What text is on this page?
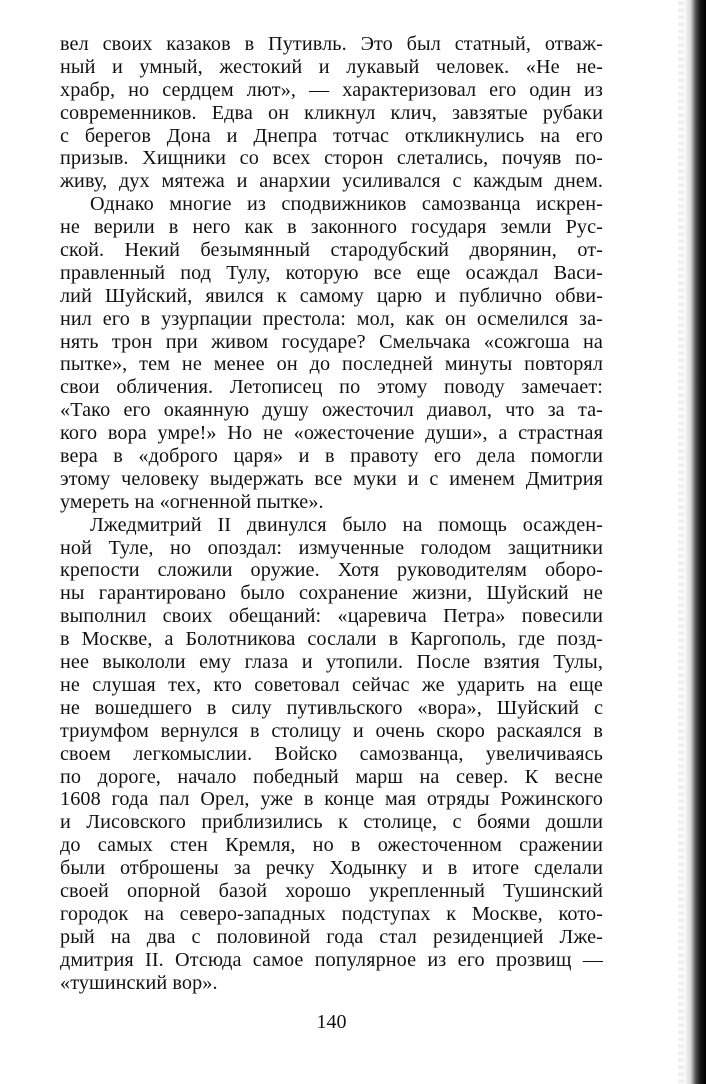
вел своих казаков в Путивль. Это был статный, отваж-
ный и умный, жестокий и лукавый человек. «Не не-
храбр, но сердцем лют», — характеризовал его один из
современников. Едва он кликнул клич, завзятые рубаки
с берегов Дона и Днепра тотчас откликнулись на его
призыв. Хищники со всех сторон слетались, почуяв по-
живу, дух мятежа и анархии усиливался с каждым днем.
Однако многие из сподвижников самозванца искрен-
не верили в него как в законного государя земли Рус-
ской. Некий безымянный стародубский дворянин, от-
правленный под Тулу, которую все еще осаждал Васи-
лий Шуйский, явился к самому царю и публично обви-
нил его в узурпации престола: мол, как он осмелился за-
нять трон при живом государе? Смельчака «сожгоша на
пытке», тем не менее он до последней минуты повторял
свои обличения. Летописец по этому поводу замечает:
«Тако его окаянную душу ожесточил диавол, что за та-
кого вора умре!» Но не «ожесточение души», а страстная
вера в «доброго царя» и в правоту его дела помогли
этому человеку выдержать все муки и с именем Дмитрия
умереть на «огненной пытке».
Лжедмитрий II двинулся было на помощь осажден-
ной Туле, но опоздал: измученные голодом защитники
крепости сложили оружие. Хотя руководителям оборо-
ны гарантировано было сохранение жизни, Шуйский не
выполнил своих обещаний: «царевича Петра» повесили
в Москве, а Болотникова сослали в Каргополь, где позд-
нее выкололи ему глаза и утопили. После взятия Тулы,
не слушая тех, кто советовал сейчас же ударить на еще
не вошедшего в силу путивльского «вора», Шуйский с
триумфом вернулся в столицу и очень скоро раскаялся в
своем легкомыслии. Войско самозванца, увеличиваясь
по дороге, начало победный марш на север. К весне
1608 года пал Орел, уже в конце мая отряды Рожинского
и Лисовского приблизились к столице, с боями дошли
до самых стен Кремля, но в ожесточенном сражении
были отброшены за речку Ходынку и в итоге сделали
своей опорной базой хорошо укрепленный Тушинский
городок на северо-западных подступах к Москве, кото-
рый на два с половиной года стал резиденцией Лже-
дмитрия II. Отсюда самое популярное из его прозвищ —
«тушинский вор».
140
